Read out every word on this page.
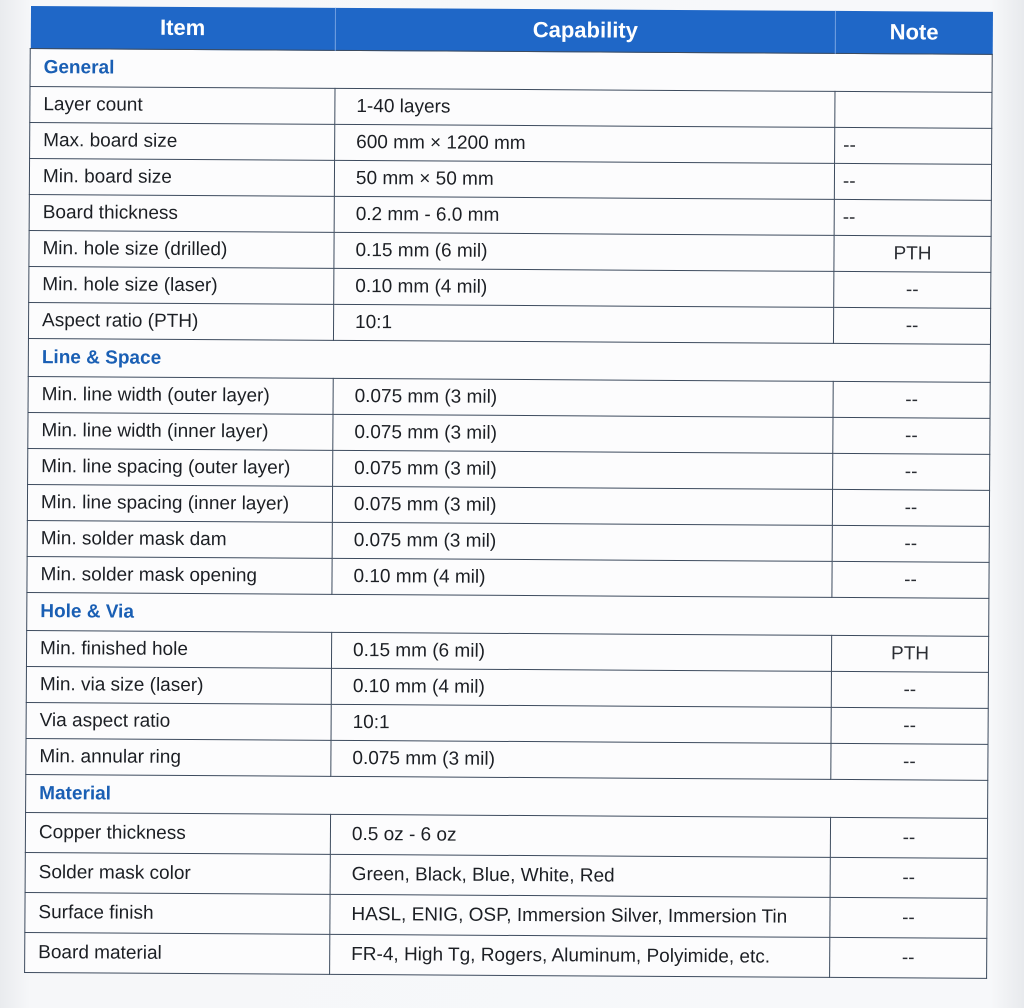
Item	Capability	Note
General		
Layer count	1-40 layers	
Max. board size	600 mm × 1200 mm	--
Min. board size	50 mm × 50 mm	--
Board thickness	0.2 mm - 6.0 mm	--
Min. hole size (drilled)	0.15 mm (6 mil)	PTH
Min. hole size (laser)	0.10 mm (4 mil)	--
Aspect ratio (PTH)	10:1	--
Line & Space		
Min. line width (outer layer)	0.075 mm (3 mil)	--
Min. line width (inner layer)	0.075 mm (3 mil)	--
Min. line spacing (outer layer)	0.075 mm (3 mil)	--
Min. line spacing (inner layer)	0.075 mm (3 mil)	--
Min. solder mask dam	0.075 mm (3 mil)	--
Min. solder mask opening	0.10 mm (4 mil)	--
Hole & Via		
Min. finished hole	0.15 mm (6 mil)	PTH
Min. via size (laser)	0.10 mm (4 mil)	--
Via aspect ratio	10:1	--
Min. annular ring	0.075 mm (3 mil)	--
Material		
Copper thickness	0.5 oz - 6 oz	--
Solder mask color	Green, Black, Blue, White, Red	--
Surface finish	HASL, ENIG, OSP, Immersion Silver, Immersion Tin	--
Board material	FR-4, High Tg, Rogers, Aluminum, Polyimide, etc.	--
